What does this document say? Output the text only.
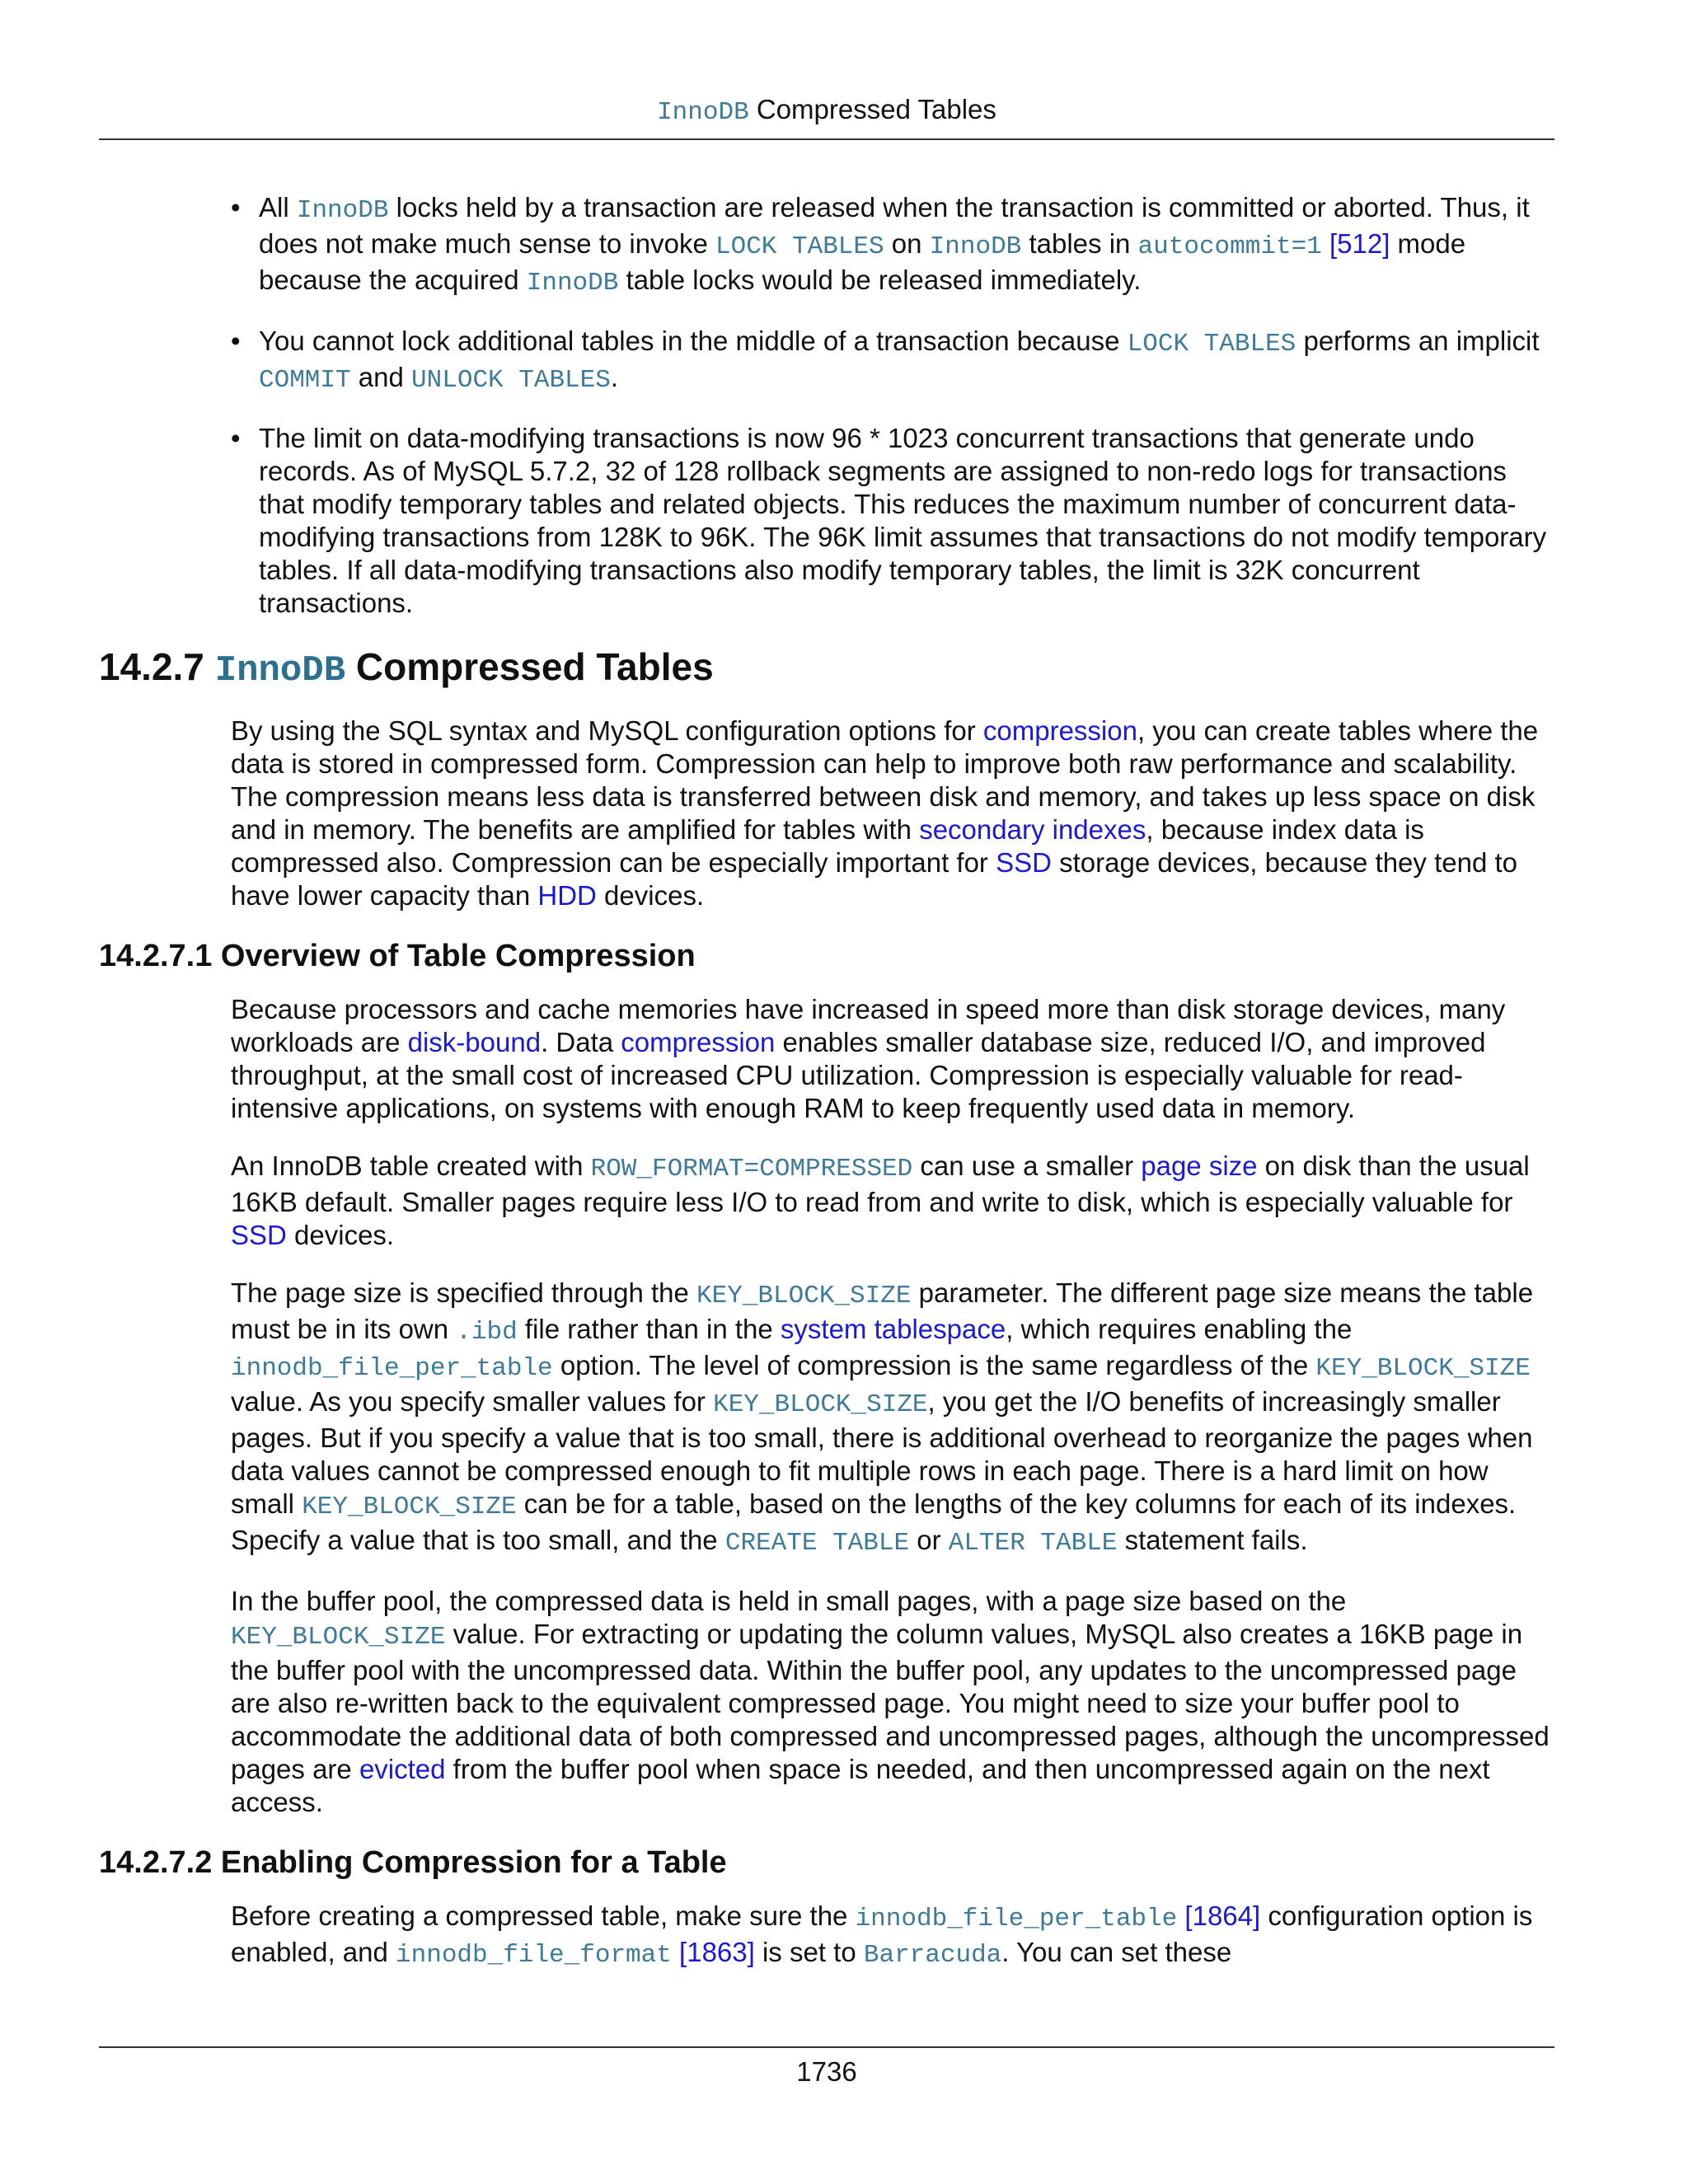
InnoDB Compressed Tables
• All InnoDB locks held by a transaction are released when the transaction is committed or aborted. Thus, it does not make much sense to invoke LOCK TABLES on InnoDB tables in autocommit=1 [512] mode because the acquired InnoDB table locks would be released immediately.
• You cannot lock additional tables in the middle of a transaction because LOCK TABLES performs an implicit COMMIT and UNLOCK TABLES.
• The limit on data-modifying transactions is now 96 * 1023 concurrent transactions that generate undo records. As of MySQL 5.7.2, 32 of 128 rollback segments are assigned to non-redo logs for transactions that modify temporary tables and related objects. This reduces the maximum number of concurrent data-modifying transactions from 128K to 96K. The 96K limit assumes that transactions do not modify temporary tables. If all data-modifying transactions also modify temporary tables, the limit is 32K concurrent transactions.
14.2.7 InnoDB Compressed Tables

By using the SQL syntax and MySQL configuration options for compression, you can create tables where the data is stored in compressed form. Compression can help to improve both raw performance and scalability. The compression means less data is transferred between disk and memory, and takes up less space on disk and in memory. The benefits are amplified for tables with secondary indexes, because index data is compressed also. Compression can be especially important for SSD storage devices, because they tend to have lower capacity than HDD devices.

14.2.7.1 Overview of Table Compression

Because processors and cache memories have increased in speed more than disk storage devices, many workloads are disk-bound. Data compression enables smaller database size, reduced I/O, and improved throughput, at the small cost of increased CPU utilization. Compression is especially valuable for read-intensive applications, on systems with enough RAM to keep frequently used data in memory.

An InnoDB table created with ROW_FORMAT=COMPRESSED can use a smaller page size on disk than the usual 16KB default. Smaller pages require less I/O to read from and write to disk, which is especially valuable for SSD devices.

The page size is specified through the KEY_BLOCK_SIZE parameter. The different page size means the table must be in its own .ibd file rather than in the system tablespace, which requires enabling the innodb_file_per_table option. The level of compression is the same regardless of the KEY_BLOCK_SIZE value. As you specify smaller values for KEY_BLOCK_SIZE, you get the I/O benefits of increasingly smaller pages. But if you specify a value that is too small, there is additional overhead to reorganize the pages when data values cannot be compressed enough to fit multiple rows in each page. There is a hard limit on how small KEY_BLOCK_SIZE can be for a table, based on the lengths of the key columns for each of its indexes. Specify a value that is too small, and the CREATE TABLE or ALTER TABLE statement fails.

In the buffer pool, the compressed data is held in small pages, with a page size based on the KEY_BLOCK_SIZE value. For extracting or updating the column values, MySQL also creates a 16KB page in the buffer pool with the uncompressed data. Within the buffer pool, any updates to the uncompressed page are also re-written back to the equivalent compressed page. You might need to size your buffer pool to accommodate the additional data of both compressed and uncompressed pages, although the uncompressed pages are evicted from the buffer pool when space is needed, and then uncompressed again on the next access.

14.2.7.2 Enabling Compression for a Table

Before creating a compressed table, make sure the innodb_file_per_table [1864] configuration option is enabled, and innodb_file_format [1863] is set to Barracuda. You can set these

1736
